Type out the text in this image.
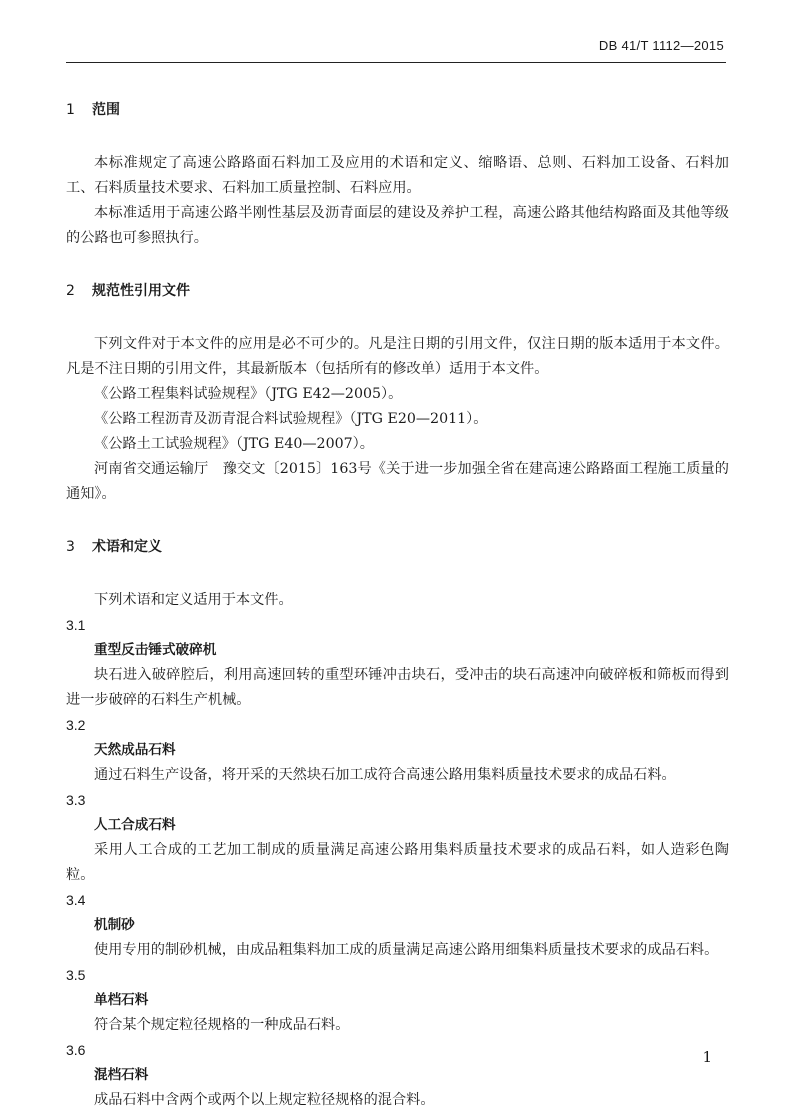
DB 41/T 1112—2015
1 范围
本标准规定了高速公路路面石料加工及应用的术语和定义、缩略语、总则、石料加工设备、石料加工、石料质量技术要求、石料加工质量控制、石料应用。
本标准适用于高速公路半刚性基层及沥青面层的建设及养护工程，高速公路其他结构路面及其他等级的公路也可参照执行。
2 规范性引用文件
下列文件对于本文件的应用是必不可少的。凡是注日期的引用文件，仅注日期的版本适用于本文件。凡是不注日期的引用文件，其最新版本（包括所有的修改单）适用于本文件。
《公路工程集料试验规程》（JTG E42—2005）。
《公路工程沥青及沥青混合料试验规程》（JTG E20—2011）。
《公路土工试验规程》（JTG E40—2007）。
河南省交通运输厅　豫交文〔2015〕163号《关于进一步加强全省在建高速公路路面工程施工质量的通知》。
3 术语和定义
下列术语和定义适用于本文件。
3.1
重型反击锤式破碎机
块石进入破碎腔后，利用高速回转的重型环锤冲击块石，受冲击的块石高速冲向破碎板和筛板而得到进一步破碎的石料生产机械。
3.2
天然成品石料
通过石料生产设备，将开采的天然块石加工成符合高速公路用集料质量技术要求的成品石料。
3.3
人工合成石料
采用人工合成的工艺加工制成的质量满足高速公路用集料质量技术要求的成品石料，如人造彩色陶粒。
3.4
机制砂
使用专用的制砂机械，由成品粗集料加工成的质量满足高速公路用细集料质量技术要求的成品石料。
3.5
单档石料
符合某个规定粒径规格的一种成品石料。
3.6
混档石料
成品石料中含两个或两个以上规定粒径规格的混合料。
1
